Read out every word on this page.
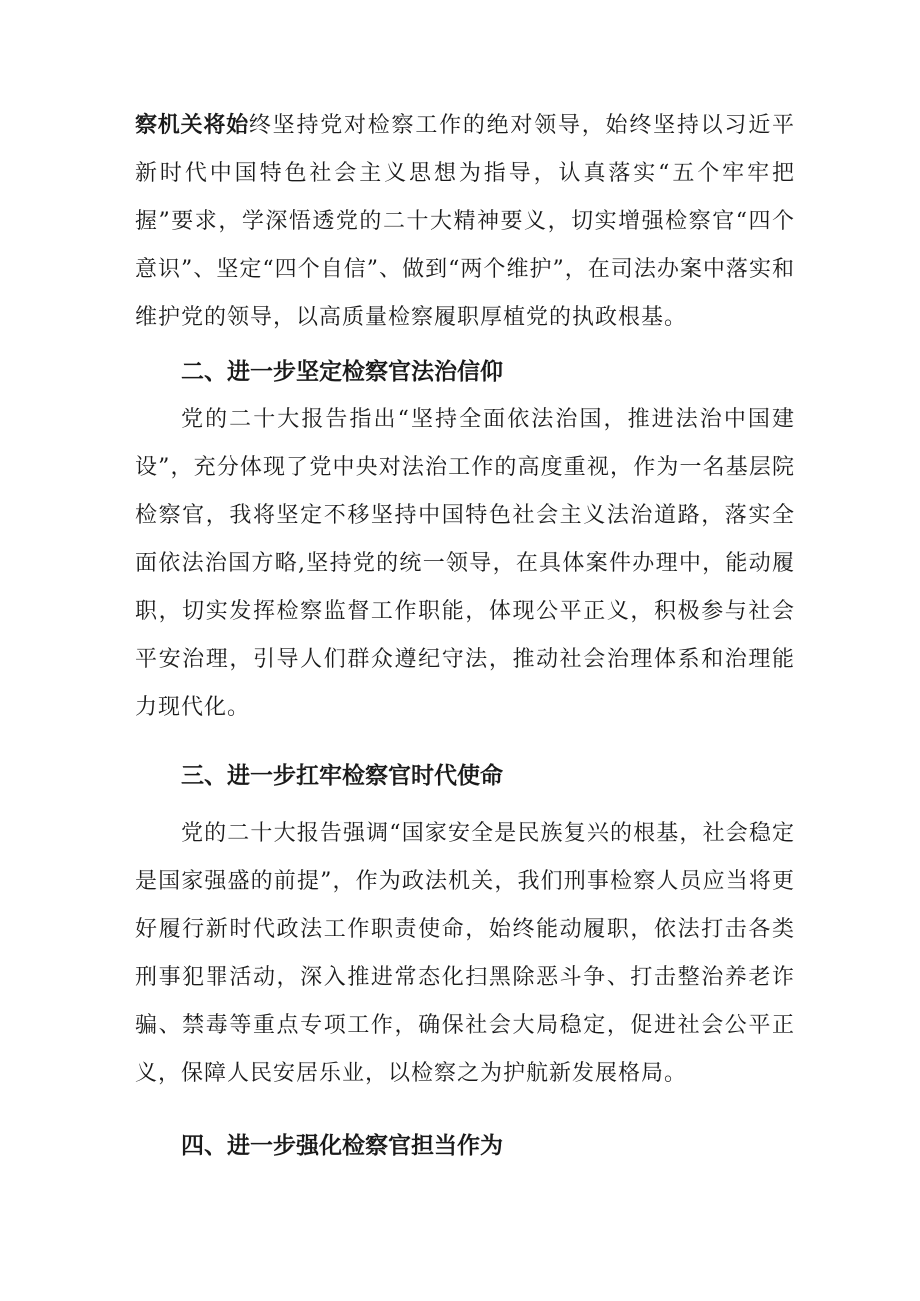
察机关将始终坚持党对检察工作的绝对领导，始终坚持以习近平新时代中国特色社会主义思想为指导，认真落实“五个牢牢把握”要求，学深悟透党的二十大精神要义，切实增强检察官“四个意识”、坚定“四个自信”、做到“两个维护”，在司法办案中落实和维护党的领导，以高质量检察履职厚植党的执政根基。

二、进一步坚定检察官法治信仰

党的二十大报告指出“坚持全面依法治国，推进法治中国建设”，充分体现了党中央对法治工作的高度重视，作为一名基层院检察官，我将坚定不移坚持中国特色社会主义法治道路，落实全面依法治国方略,坚持党的统一领导，在具体案件办理中，能动履职，切实发挥检察监督工作职能，体现公平正义，积极参与社会平安治理，引导人们群众遵纪守法，推动社会治理体系和治理能力现代化。

三、进一步扛牢检察官时代使命

党的二十大报告强调“国家安全是民族复兴的根基，社会稳定是国家强盛的前提”，作为政法机关，我们刑事检察人员应当将更好履行新时代政法工作职责使命，始终能动履职，依法打击各类刑事犯罪活动，深入推进常态化扫黑除恶斗争、打击整治养老诈骗、禁毒等重点专项工作，确保社会大局稳定，促进社会公平正义，保障人民安居乐业，以检察之为护航新发展格局。

四、进一步强化检察官担当作为
